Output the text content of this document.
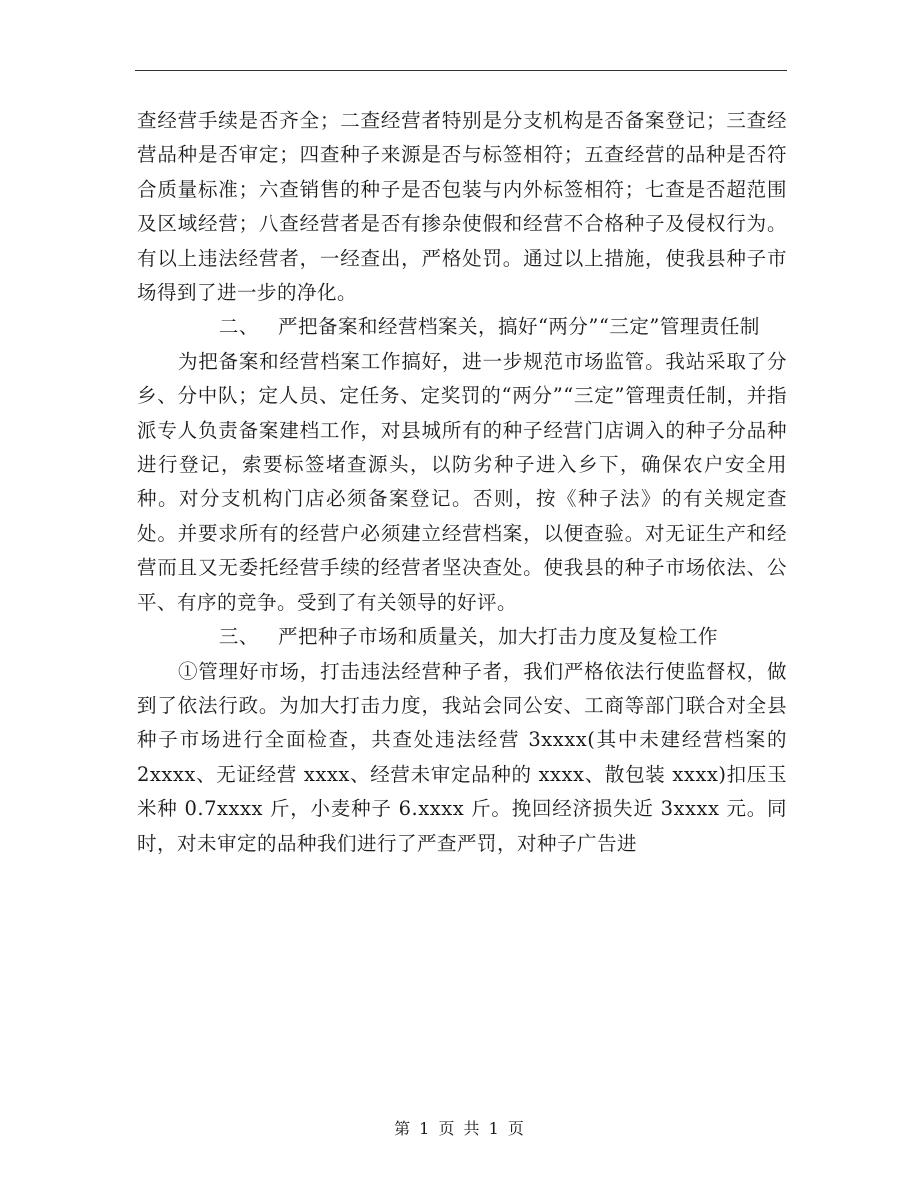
查经营手续是否齐全；二查经营者特别是分支机构是否备案登记；三查经营品种是否审定；四查种子来源是否与标签相符；五查经营的品种是否符合质量标准；六查销售的种子是否包装与内外标签相符；七查是否超范围及区域经营；八查经营者是否有掺杂使假和经营不合格种子及侵权行为。有以上违法经营者，一经查出，严格处罚。通过以上措施，使我县种子市场得到了进一步的净化。

二、 严把备案和经营档案关，搞好“两分”“三定”管理责任制

为把备案和经营档案工作搞好，进一步规范市场监管。我站采取了分乡、分中队；定人员、定任务、定奖罚的“两分”“三定”管理责任制，并指派专人负责备案建档工作，对县城所有的种子经营门店调入的种子分品种进行登记，索要标签堵查源头，以防劣种子进入乡下，确保农户安全用种。对分支机构门店必须备案登记。否则，按《种子法》的有关规定查处。并要求所有的经营户必须建立经营档案，以便查验。对无证生产和经营而且又无委托经营手续的经营者坚决查处。使我县的种子市场依法、公平、有序的竞争。受到了有关领导的好评。

三、 严把种子市场和质量关，加大打击力度及复检工作

①管理好市场，打击违法经营种子者，我们严格依法行使监督权，做到了依法行政。为加大打击力度，我站会同公安、工商等部门联合对全县种子市场进行全面检查，共查处违法经营 3xxxx(其中未建经营档案的 2xxxx、无证经营 xxxx、经营未审定品种的 xxxx、散包装 xxxx)扣压玉米种 0.7xxxx 斤，小麦种子 6.xxxx 斤。挽回经济损失近 3xxxx 元。同时，对未审定的品种我们进行了严查严罚，对种子广告进

第 1 页 共 1 页
